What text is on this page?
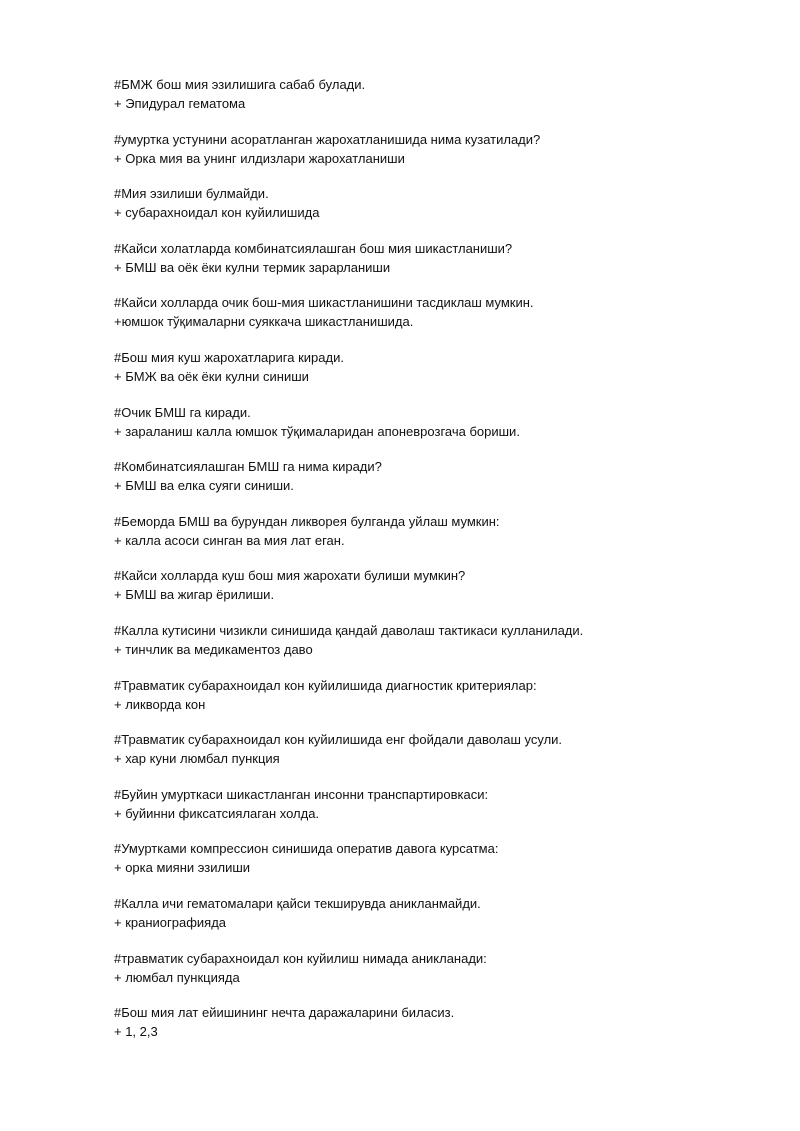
#БМЖ бош мия эзилишига сабаб булади.
+ Эпидурал гематома
#умуртка устунини асоратланган жарохатланишида нима кузатилади?
+ Орка мия ва унинг илдизлари жарохатланиши
#Мия эзилиши булмайди.
+ субарахноидал кон куйилишида
#Кайси холатларда комбинатсиялашган бош мия шикастланиши?
+ БМШ ва оёк ёки кулни термик зарарланиши
#Кайси холларда очик бош-мия шикастланишини тасдиклаш мумкин.
+юмшок тўқималарни суяккача шикастланишида.
#Бош мия куш жарохатларига киради.
+ БМЖ ва оёк ёки кулни синиши
#Очик БМШ га киради.
+ зараланиш калла юмшок тўқималаридан апоневрозгача бориши.
#Комбинатсиялашган БМШ га нима киради?
+ БМШ ва елка суяги синиши.
#Беморда БМШ ва бурундан ликворея булганда уйлаш мумкин:
+ калла асоси синган ва мия лат еган.
#Кайси холларда куш бош мия жарохати булиши мумкин?
+ БМШ ва жигар ёрилиши.
#Калла кутисини чизикли синишида қандай даволаш тактикаси кулланилади.
+ тинчлик ва медикаментоз даво
#Травматик субарахноидал кон куйилишида диагностик критериялар:
+ ликворда кон
#Травматик субарахноидал кон куйилишида енг фойдали даволаш усули.
+ хар куни люмбал пункция
#Буйин умурткаси шикастланган инсонни транспартировкаси:
+ буйинни фиксатсиялаган холда.
#Умуртками компрессион синишида оператив давога курсатма:
+ орка мияни эзилиши
#Калла ичи гематомалари қайси текширувда аникланмайди.
+ краниографияда
#травматик субарахноидал кон куйилиш нимада аникланади:
+ люмбал пункцияда
#Бош мия лат ейишининг нечта даражаларини биласиз.
+ 1, 2,3
